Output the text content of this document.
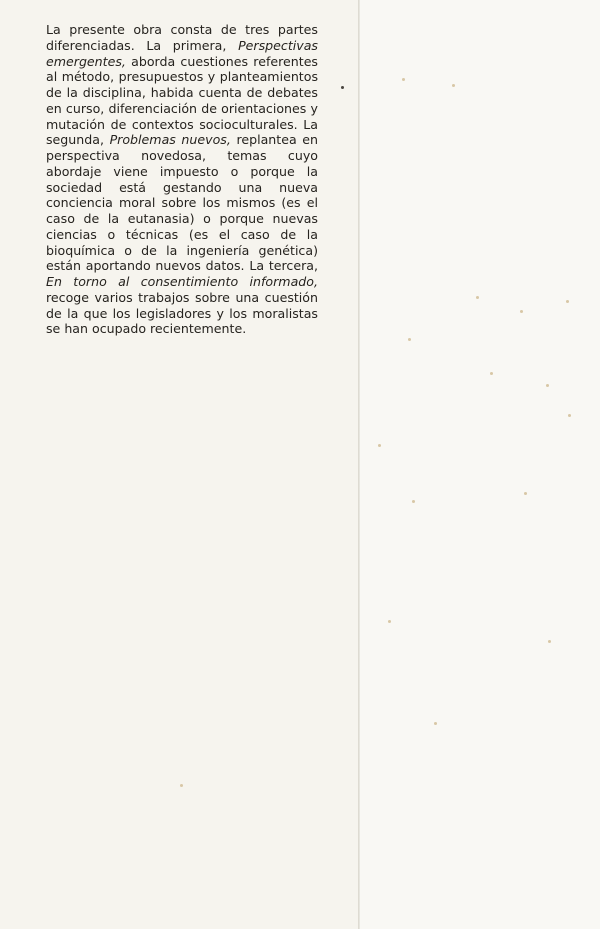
La presente obra consta de tres partes diferenciadas. La primera, Perspectivas emergentes, aborda cuestiones referentes al método, presupuestos y planteamientos de la disciplina, habida cuenta de debates en curso, diferenciación de orientaciones y mutación de contextos socioculturales. La segunda, Problemas nuevos, replantea en perspectiva novedosa, temas cuyo abordaje viene impuesto o porque la sociedad está gestando una nueva conciencia moral sobre los mismos (es el caso de la eutanasia) o porque nuevas ciencias o técnicas (es el caso de la bioquímica o de la ingeniería genética) están aportando nuevos datos. La tercera, En torno al consentimiento informado, recoge varios trabajos sobre una cuestión de la que los legisladores y los moralistas se han ocupado recientemente.
